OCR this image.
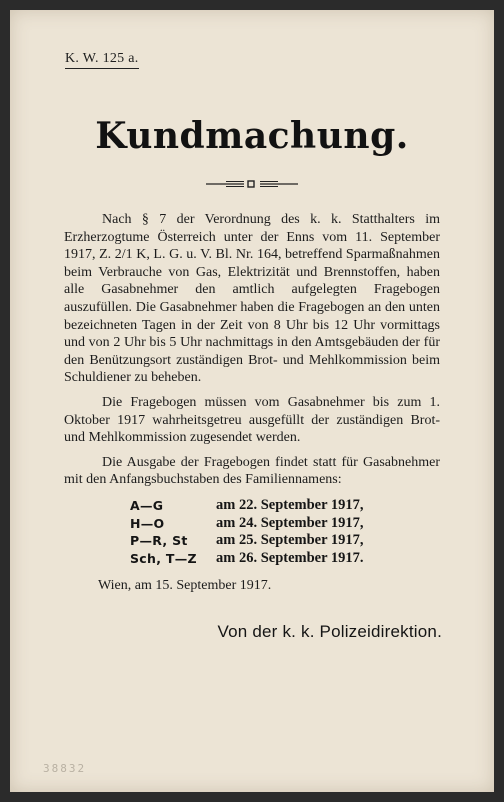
K. W. 125 a.
Kundmachung.

Nach § 7 der Verordnung des k. k. Statthalters im Erzherzogtume Österreich unter der Enns vom 11. September 1917, Z. 2/1 K, L. G. u. V. Bl. Nr. 164, betreffend Sparmaßnahmen beim Verbrauche von Gas, Elektrizität und Brennstoffen, haben alle Gasabnehmer den amtlich aufgelegten Fragebogen auszufüllen. Die Gasabnehmer haben die Fragebogen an den unten bezeichneten Tagen in der Zeit von 8 Uhr bis 12 Uhr vormittags und von 2 Uhr bis 5 Uhr nachmittags in den Amtsgebäuden der für den Benützungsort zuständigen Brot- und Mehlkommission beim Schuldiener zu beheben.

Die Fragebogen müssen vom Gasabnehmer bis zum 1. Oktober 1917 wahrheitsgetreu ausgefüllt der zuständigen Brot- und Mehlkommission zugesendet werden.

Die Ausgabe der Fragebogen findet statt für Gasabnehmer mit den Anfangsbuchstaben des Familiennamens:

A—G	am 22. September 1917,
H—O	am 24. September 1917,
P—R, St	am 25. September 1917,
Sch, T—Z	am 26. September 1917.
Wien, am 15. September 1917.
Von der k. k. Polizeidirektion.
38832
